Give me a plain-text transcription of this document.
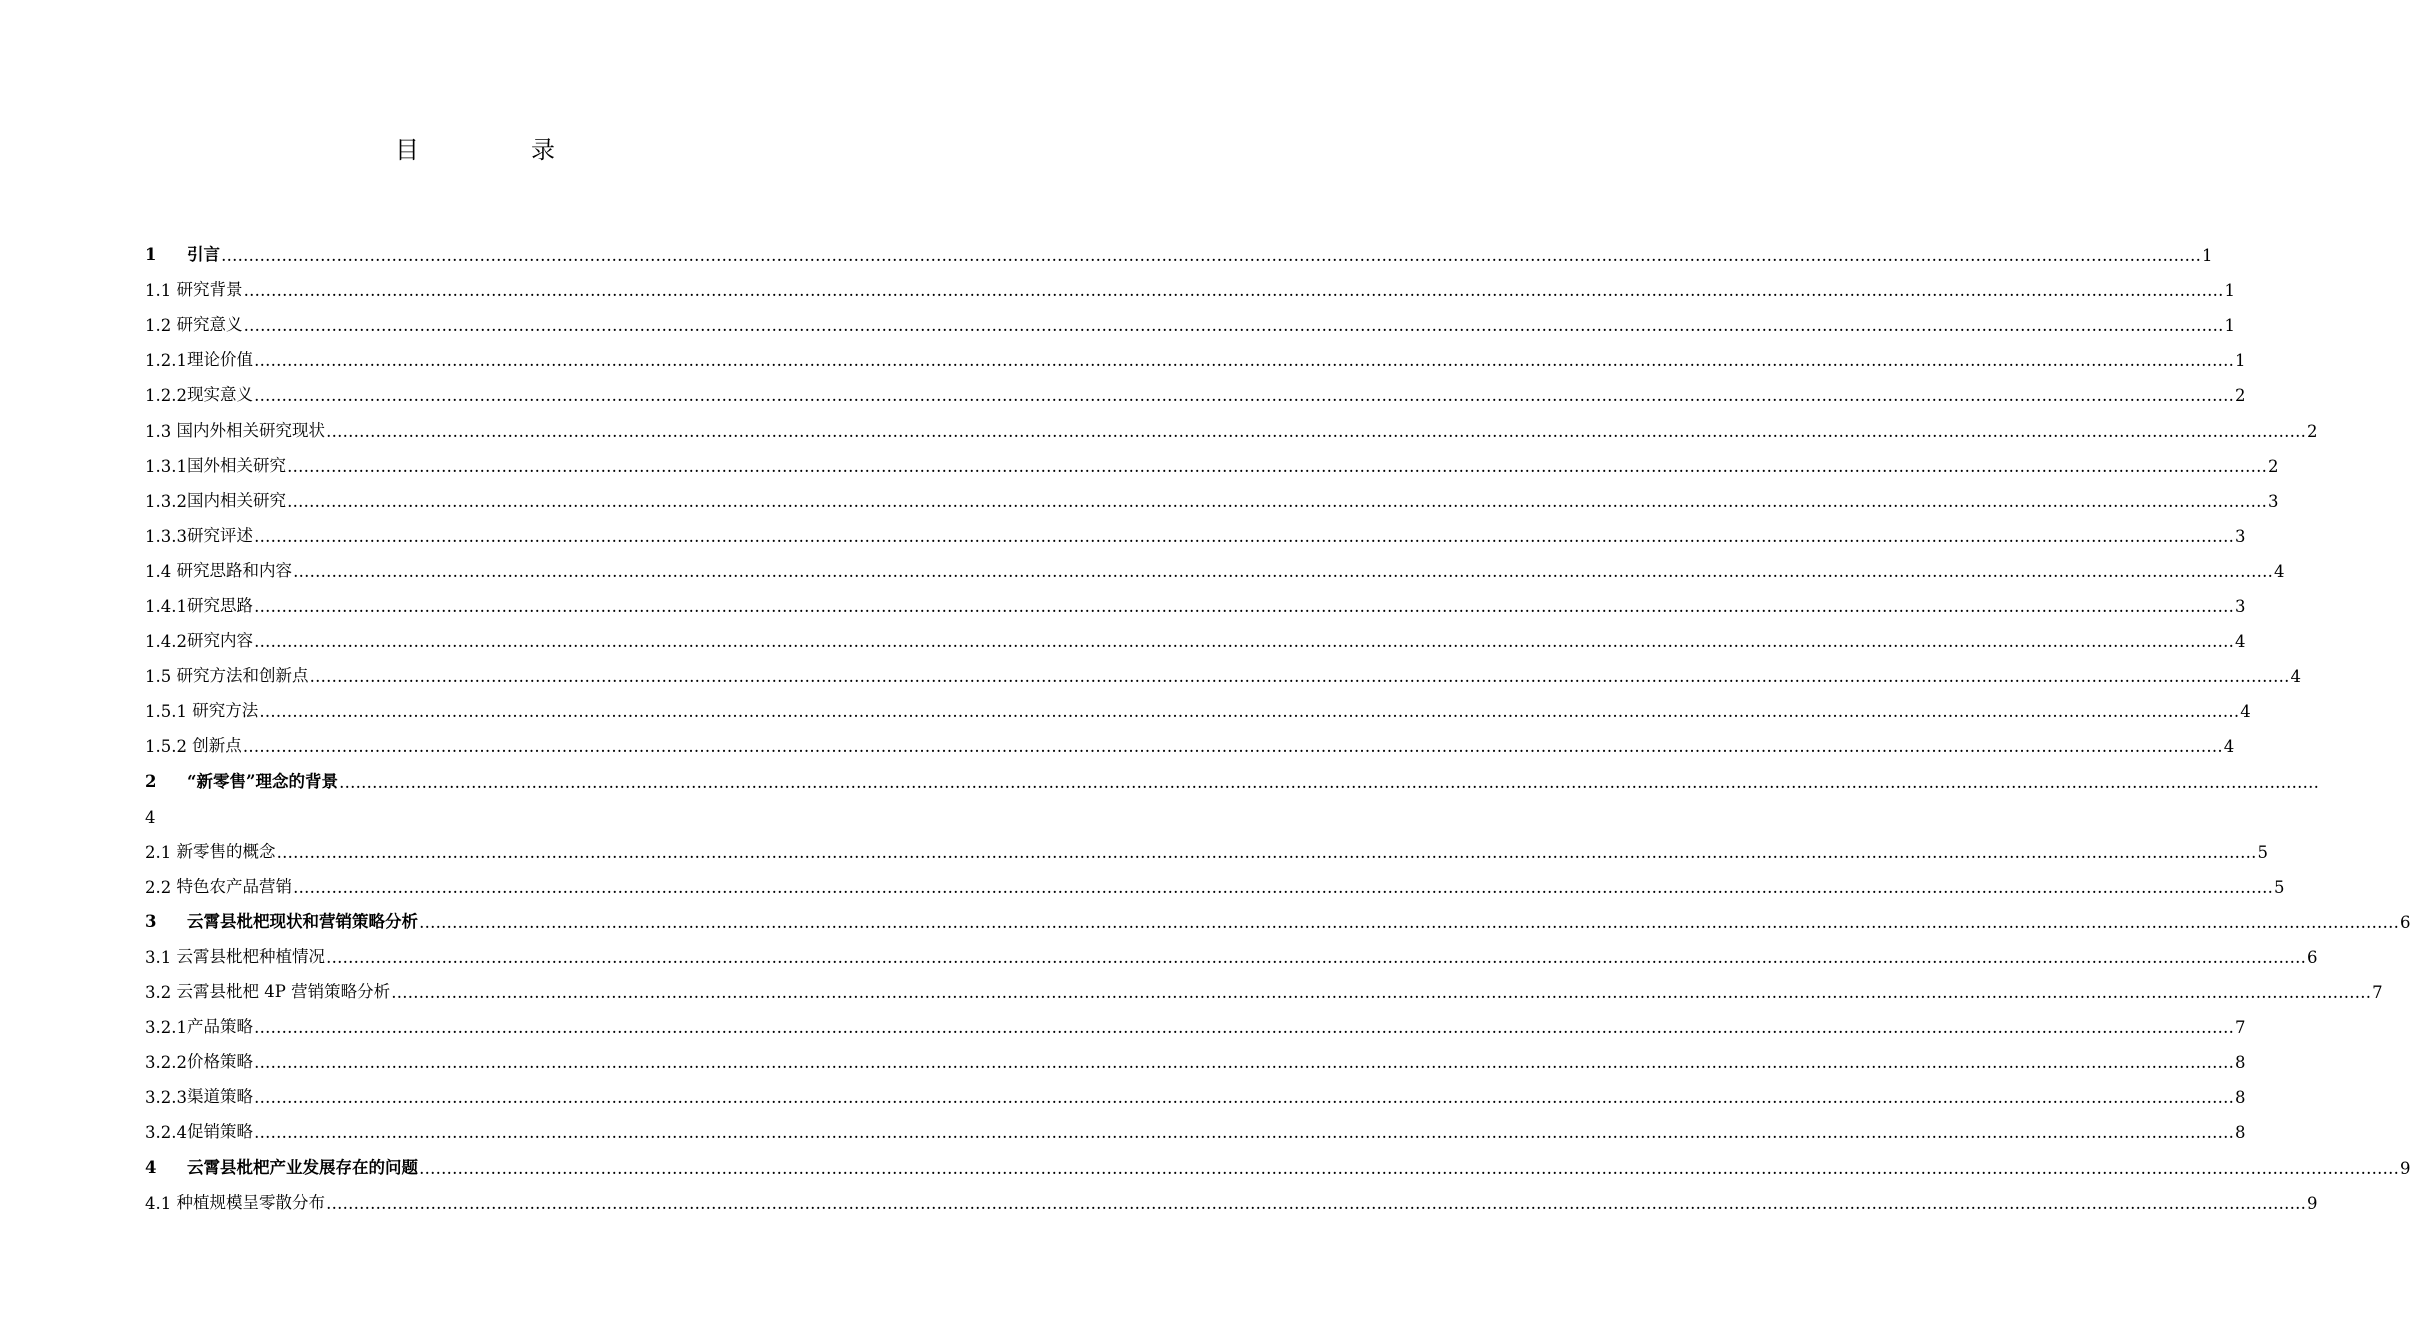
目　录
1　 引言 ……………………………………………………………………………………………………………………………………………………………………………………………………………………………………………………………………………………………………………………………… 1
1.1 研究背景 ……………………………………………………………………………………………………………………………………………………………………………………………………………………………………………………………………………………………………………………………… 1
1.2 研究意义 ……………………………………………………………………………………………………………………………………………………………………………………………………………………………………………………………………………………………………………………………… 1
1.2.1 理论价值 ……………………………………………………………………………………………………………………………………………………………………………………………………………………………………………………………………………………………………………………………… 1
1.2.2 现实意义 ……………………………………………………………………………………………………………………………………………………………………………………………………………………………………………………………………………………………………………………………… 2
1.3 国内外相关研究现状 ……………………………………………………………………………………………………………………………………………………………………………………………………………………………………………………………………………………………………………………………… 2
1.3.1 国外相关研究 ……………………………………………………………………………………………………………………………………………………………………………………………………………………………………………………………………………………………………………………………… 2
1.3.2 国内相关研究 ……………………………………………………………………………………………………………………………………………………………………………………………………………………………………………………………………………………………………………………………… 3
1.3.3 研究评述 ……………………………………………………………………………………………………………………………………………………………………………………………………………………………………………………………………………………………………………………………… 3
1.4 研究思路和内容 ……………………………………………………………………………………………………………………………………………………………………………………………………………………………………………………………………………………………………………………………… 4
1.4.1 研究思路 ……………………………………………………………………………………………………………………………………………………………………………………………………………………………………………………………………………………………………………………………… 3
1.4.2 研究内容 ……………………………………………………………………………………………………………………………………………………………………………………………………………………………………………………………………………………………………………………………… 4
1.5 研究方法和创新点 ……………………………………………………………………………………………………………………………………………………………………………………………………………………………………………………………………………………………………………………………… 4
1.5.1 研究方法 ……………………………………………………………………………………………………………………………………………………………………………………………………………………………………………………………………………………………………………………………… 4
1.5.2 创新点 ……………………………………………………………………………………………………………………………………………………………………………………………………………………………………………………………………………………………………………………………… 4
2　 “新零售”理念的背景 ………………………………………………………………………………………………………………………………………………………………………………………………………………………………………………………………………………………………………………………………
4
2.1 新零售的概念 ……………………………………………………………………………………………………………………………………………………………………………………………………………………………………………………………………………………………………………………………… 5
2.2 特色农产品营销 ……………………………………………………………………………………………………………………………………………………………………………………………………………………………………………………………………………………………………………………………… 5
3　 云霄县枇杷现状和营销策略分析 ……………………………………………………………………………………………………………………………………………………………………………………………………………………………………………………………………………………………………………………………… 6
3.1 云霄县枇杷种植情况 ……………………………………………………………………………………………………………………………………………………………………………………………………………………………………………………………………………………………………………………………… 6
3.2 云霄县枇杷 4P 营销策略分析 ……………………………………………………………………………………………………………………………………………………………………………………………………………………………………………………………………………………………………………………………… 7
3.2.1 产品策略 ……………………………………………………………………………………………………………………………………………………………………………………………………………………………………………………………………………………………………………………………… 7
3.2.2 价格策略 ……………………………………………………………………………………………………………………………………………………………………………………………………………………………………………………………………………………………………………………………… 8
3.2.3 渠道策略 ……………………………………………………………………………………………………………………………………………………………………………………………………………………………………………………………………………………………………………………………… 8
3.2.4 促销策略 ……………………………………………………………………………………………………………………………………………………………………………………………………………………………………………………………………………………………………………………………… 8
4　 云霄县枇杷产业发展存在的问题 ……………………………………………………………………………………………………………………………………………………………………………………………………………………………………………………………………………………………………………………………… 9
4.1 种植规模呈零散分布 ……………………………………………………………………………………………………………………………………………………………………………………………………………………………………………………………………………………………………………………………… 9
